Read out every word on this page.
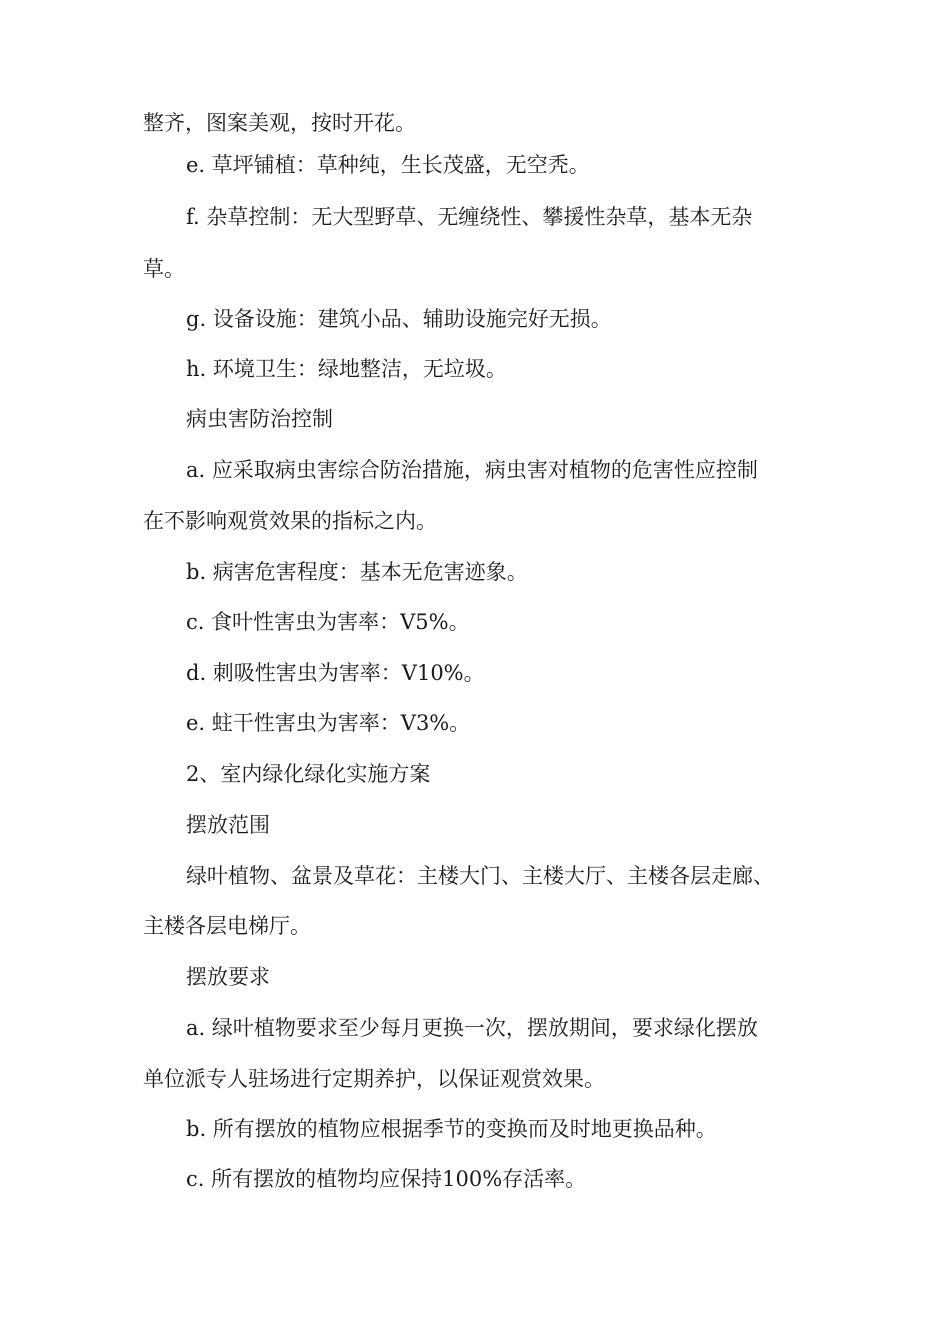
整齐，图案美观，按时开花。
e. 草坪铺植：草种纯，生长茂盛，无空秃。
f. 杂草控制：无大型野草、无缠绕性、攀援性杂草，基本无杂
草。
g. 设备设施：建筑小品、辅助设施完好无损。
h. 环境卫生：绿地整洁，无垃圾。
病虫害防治控制
a. 应采取病虫害综合防治措施，病虫害对植物的危害性应控制
在不影响观赏效果的指标之内。
b. 病害危害程度：基本无危害迹象。
c. 食叶性害虫为害率：V5%。
d. 刺吸性害虫为害率：V10%。
e. 蛀干性害虫为害率：V3%。
2、室内绿化绿化实施方案
摆放范围
绿叶植物、盆景及草花：主楼大门、主楼大厅、主楼各层走廊、
主楼各层电梯厅。
摆放要求
a. 绿叶植物要求至少每月更换一次，摆放期间，要求绿化摆放
单位派专人驻场进行定期养护，以保证观赏效果。
b. 所有摆放的植物应根据季节的变换而及时地更换品种。
c. 所有摆放的植物均应保持100%存活率。
